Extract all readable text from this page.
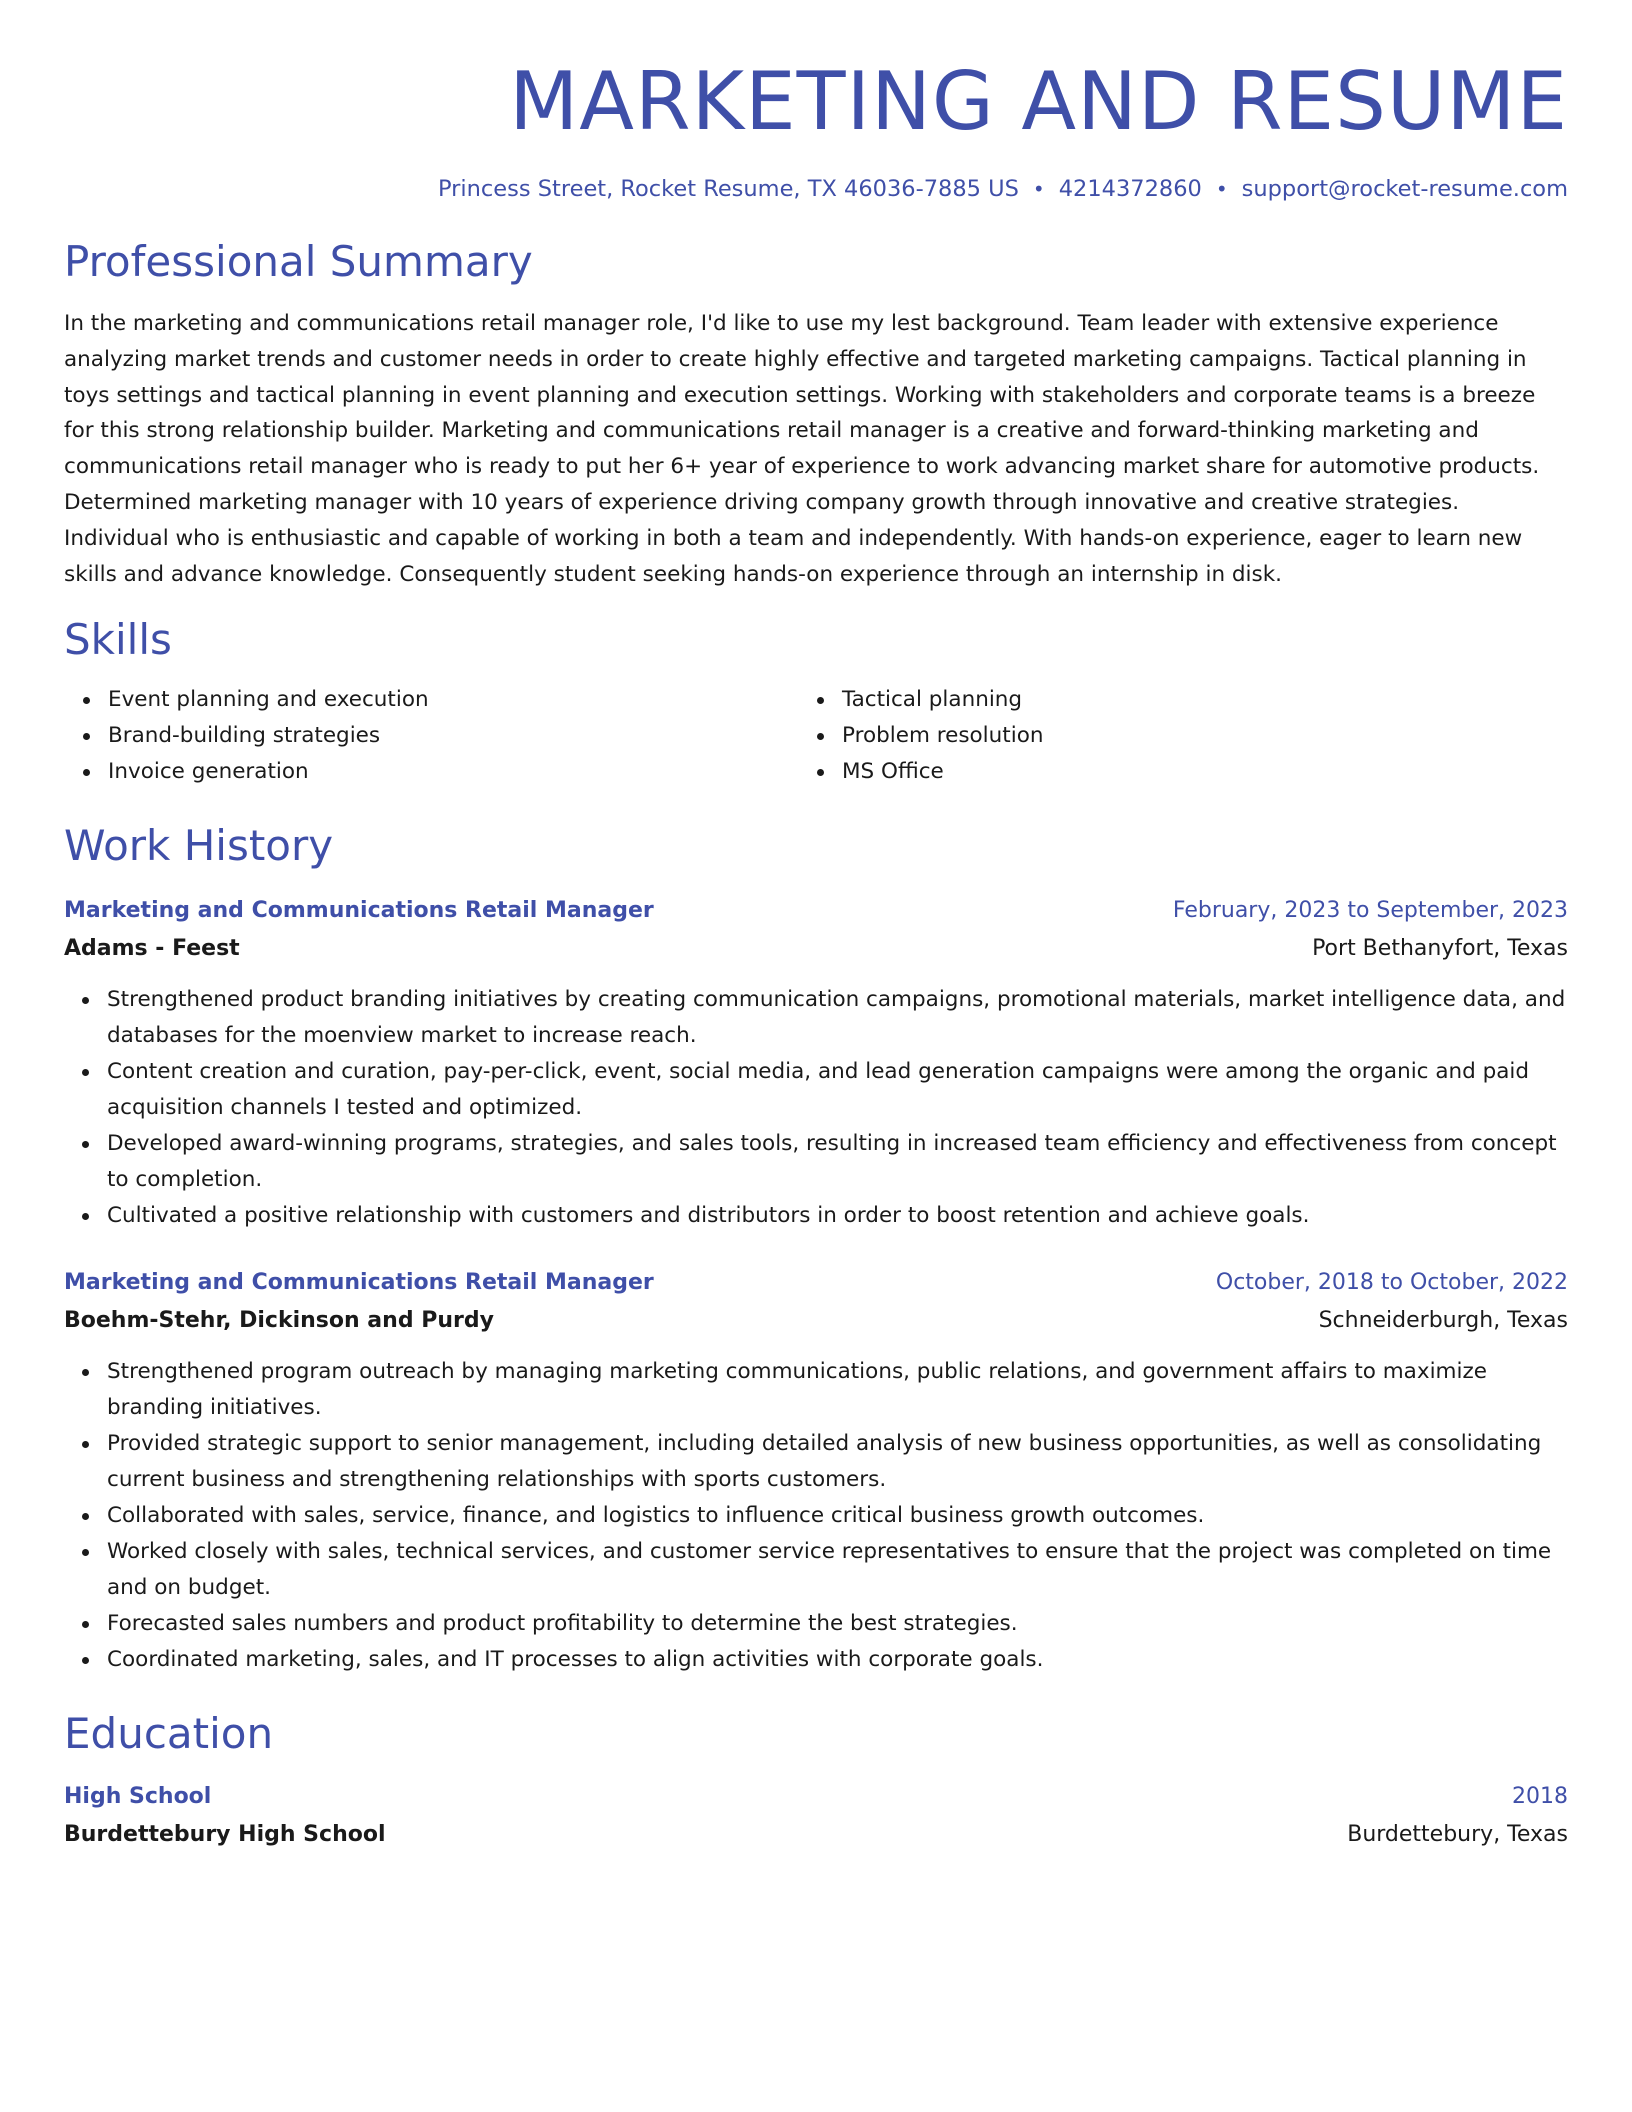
MARKETING AND RESUME
Princess Street, Rocket Resume, TX 46036-7885 US • 4214372860 • support@rocket-resume.com
Professional Summary
In the marketing and communications retail manager role, I'd like to use my lest background. Team leader with extensive experience analyzing market trends and customer needs in order to create highly effective and targeted marketing campaigns. Tactical planning in toys settings and tactical planning in event planning and execution settings. Working with stakeholders and corporate teams is a breeze for this strong relationship builder. Marketing and communications retail manager is a creative and forward-thinking marketing and communications retail manager who is ready to put her 6+ year of experience to work advancing market share for automotive products. Determined marketing manager with 10 years of experience driving company growth through innovative and creative strategies. Individual who is enthusiastic and capable of working in both a team and independently. With hands-on experience, eager to learn new skills and advance knowledge. Consequently student seeking hands-on experience through an internship in disk.
Skills
Event planning and execution
Brand-building strategies
Invoice generation
Tactical planning
Problem resolution
MS Office
Work History
Marketing and Communications Retail Manager	February, 2023 to September, 2023
Adams - Feest	Port Bethanyfort, Texas
Strengthened product branding initiatives by creating communication campaigns, promotional materials, market intelligence data, and databases for the moenview market to increase reach.
Content creation and curation, pay-per-click, event, social media, and lead generation campaigns were among the organic and paid acquisition channels I tested and optimized.
Developed award-winning programs, strategies, and sales tools, resulting in increased team efficiency and effectiveness from concept to completion.
Cultivated a positive relationship with customers and distributors in order to boost retention and achieve goals.
Marketing and Communications Retail Manager	October, 2018 to October, 2022
Boehm-Stehr, Dickinson and Purdy	Schneiderburgh, Texas
Strengthened program outreach by managing marketing communications, public relations, and government affairs to maximize branding initiatives.
Provided strategic support to senior management, including detailed analysis of new business opportunities, as well as consolidating current business and strengthening relationships with sports customers.
Collaborated with sales, service, finance, and logistics to influence critical business growth outcomes.
Worked closely with sales, technical services, and customer service representatives to ensure that the project was completed on time and on budget.
Forecasted sales numbers and product profitability to determine the best strategies.
Coordinated marketing, sales, and IT processes to align activities with corporate goals.
Education
High School	2018
Burdettebury High School	Burdettebury, Texas
